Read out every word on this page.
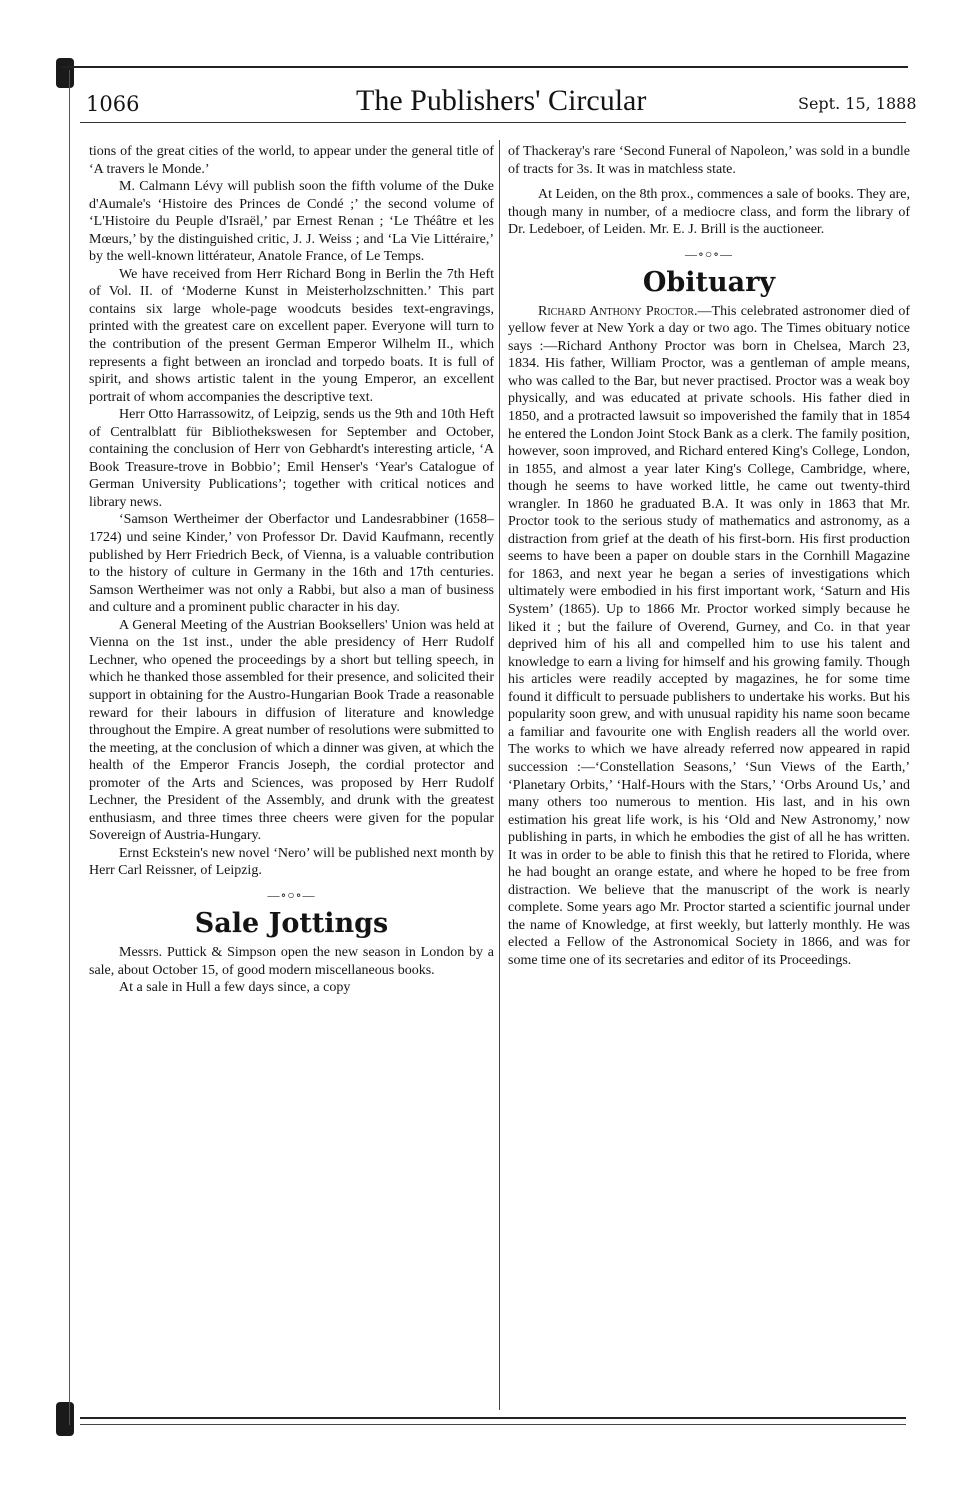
1066	The Publishers' Circular	Sept. 15, 1888

tions of the great cities of the world, to appear under the general title of ‘A travers le Monde.’

M. Calmann Lévy will publish soon the fifth volume of the Duke d'Aumale's ‘Histoire des Princes de Condé ;’ the second volume of ‘L'Histoire du Peuple d'Israël,’ par Ernest Renan ; ‘Le Théâtre et les Mœurs,’ by the distinguished critic, J. J. Weiss ; and ‘La Vie Littéraire,’ by the well-known littérateur, Anatole France, of Le Temps.

We have received from Herr Richard Bong in Berlin the 7th Heft of Vol. II. of ‘Moderne Kunst in Meisterholzschnitten.’ This part contains six large whole-page woodcuts besides text-engravings, printed with the greatest care on excellent paper. Everyone will turn to the contribution of the present German Emperor Wilhelm II., which represents a fight between an ironclad and torpedo boats. It is full of spirit, and shows artistic talent in the young Emperor, an excellent portrait of whom accompanies the descriptive text.

Herr Otto Harrassowitz, of Leipzig, sends us the 9th and 10th Heft of Centralblatt für Bibliothekswesen for September and October, containing the conclusion of Herr von Gebhardt's interesting article, ‘A Book Treasure-trove in Bobbio’; Emil Henser's ‘Year's Catalogue of German University Publications’; together with critical notices and library news.

‘Samson Wertheimer der Oberfactor und Landesrabbiner (1658–1724) und seine Kinder,’ von Professor Dr. David Kaufmann, recently published by Herr Friedrich Beck, of Vienna, is a valuable contribution to the history of culture in Germany in the 16th and 17th centuries. Samson Wertheimer was not only a Rabbi, but also a man of business and culture and a prominent public character in his day.

A General Meeting of the Austrian Booksellers' Union was held at Vienna on the 1st inst., under the able presidency of Herr Rudolf Lechner, who opened the proceedings by a short but telling speech, in which he thanked those assembled for their presence, and solicited their support in obtaining for the Austro-Hungarian Book Trade a reasonable reward for their labours in diffusion of literature and knowledge throughout the Empire. A great number of resolutions were submitted to the meeting, at the conclusion of which a dinner was given, at which the health of the Emperor Francis Joseph, the cordial protector and promoter of the Arts and Sciences, was proposed by Herr Rudolf Lechner, the President of the Assembly, and drunk with the greatest enthusiasm, and three times three cheers were given for the popular Sovereign of Austria-Hungary.

Ernst Eckstein's new novel ‘Nero’ will be published next month by Herr Carl Reissner, of Leipzig.

—∘○∘—
Sale Jottings

Messrs. Puttick & Simpson open the new season in London by a sale, about October 15, of good modern miscellaneous books.

At a sale in Hull a few days since, a copy

of Thackeray's rare ‘Second Funeral of Napoleon,’ was sold in a bundle of tracts for 3s. It was in matchless state.

At Leiden, on the 8th prox., commences a sale of books. They are, though many in number, of a mediocre class, and form the library of Dr. Ledeboer, of Leiden. Mr. E. J. Brill is the auctioneer.

—∘○∘—
Obituary

Richard Anthony Proctor.—This celebrated astronomer died of yellow fever at New York a day or two ago. The Times obituary notice says :—Richard Anthony Proctor was born in Chelsea, March 23, 1834. His father, William Proctor, was a gentleman of ample means, who was called to the Bar, but never practised. Proctor was a weak boy physically, and was educated at private schools. His father died in 1850, and a protracted lawsuit so impoverished the family that in 1854 he entered the London Joint Stock Bank as a clerk. The family position, however, soon improved, and Richard entered King's College, London, in 1855, and almost a year later King's College, Cambridge, where, though he seems to have worked little, he came out twenty-third wrangler. In 1860 he graduated B.A. It was only in 1863 that Mr. Proctor took to the serious study of mathematics and astronomy, as a distraction from grief at the death of his first-born. His first production seems to have been a paper on double stars in the Cornhill Magazine for 1863, and next year he began a series of investigations which ultimately were embodied in his first important work, ‘Saturn and His System’ (1865). Up to 1866 Mr. Proctor worked simply because he liked it ; but the failure of Overend, Gurney, and Co. in that year deprived him of his all and compelled him to use his talent and knowledge to earn a living for himself and his growing family. Though his articles were readily accepted by magazines, he for some time found it difficult to persuade publishers to undertake his works. But his popularity soon grew, and with unusual rapidity his name soon became a familiar and favourite one with English readers all the world over. The works to which we have already referred now appeared in rapid succession :—‘Constellation Seasons,’ ‘Sun Views of the Earth,’ ‘Planetary Orbits,’ ‘Half-Hours with the Stars,’ ‘Orbs Around Us,’ and many others too numerous to mention. His last, and in his own estimation his great life work, is his ‘Old and New Astronomy,’ now publishing in parts, in which he embodies the gist of all he has written. It was in order to be able to finish this that he retired to Florida, where he had bought an orange estate, and where he hoped to be free from distraction. We believe that the manuscript of the work is nearly complete. Some years ago Mr. Proctor started a scientific journal under the name of Knowledge, at first weekly, but latterly monthly. He was elected a Fellow of the Astronomical Society in 1866, and was for some time one of its secretaries and editor of its Proceedings.
